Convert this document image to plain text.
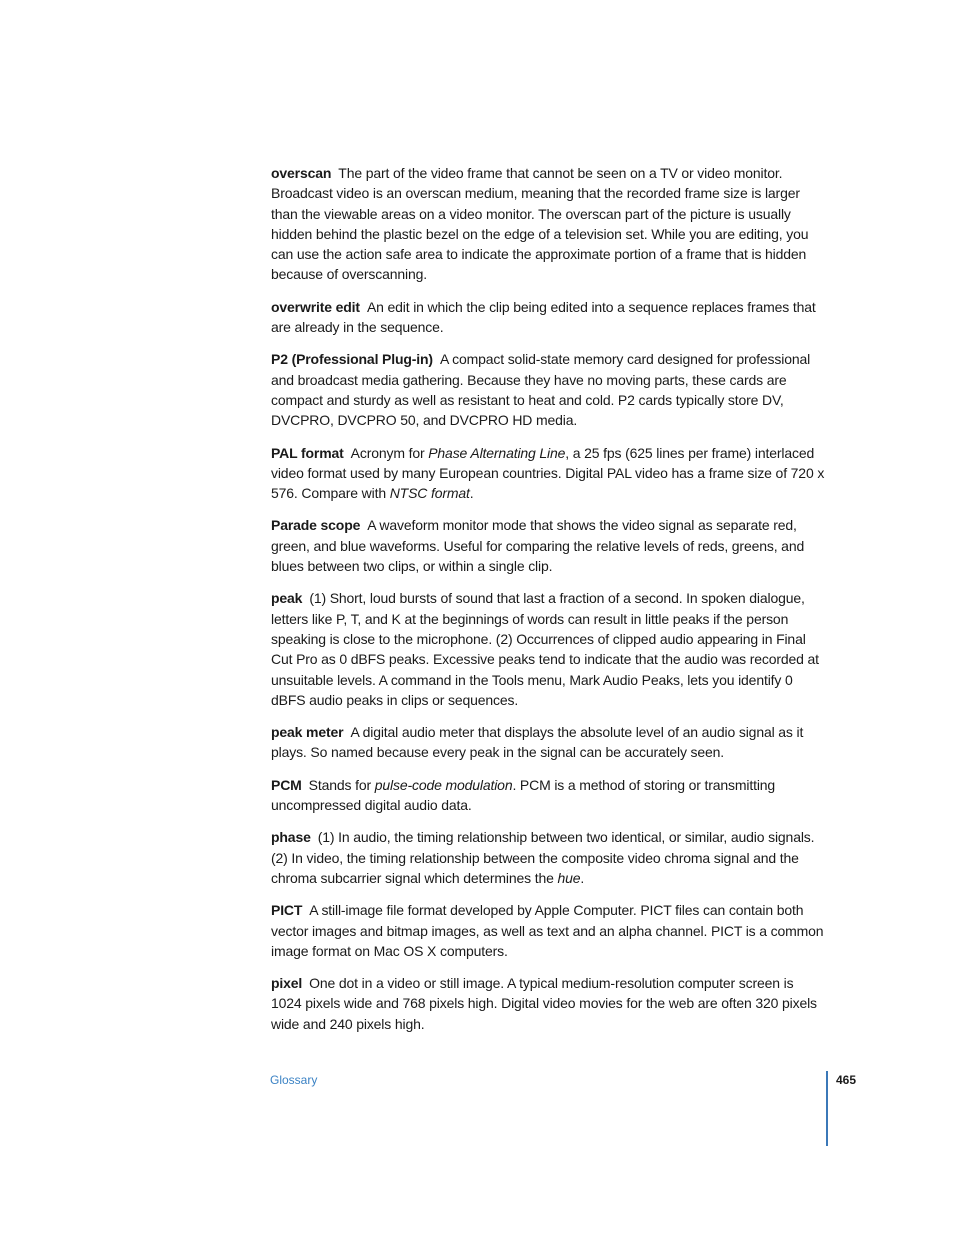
overscan The part of the video frame that cannot be seen on a TV or video monitor. Broadcast video is an overscan medium, meaning that the recorded frame size is larger than the viewable areas on a video monitor. The overscan part of the picture is usually hidden behind the plastic bezel on the edge of a television set. While you are editing, you can use the action safe area to indicate the approximate portion of a frame that is hidden because of overscanning.

overwrite edit An edit in which the clip being edited into a sequence replaces frames that are already in the sequence.

P2 (Professional Plug-in) A compact solid-state memory card designed for professional and broadcast media gathering. Because they have no moving parts, these cards are compact and sturdy as well as resistant to heat and cold. P2 cards typically store DV, DVCPRO, DVCPRO 50, and DVCPRO HD media.

PAL format Acronym for Phase Alternating Line, a 25 fps (625 lines per frame) interlaced video format used by many European countries. Digital PAL video has a frame size of 720 x 576. Compare with NTSC format.

Parade scope A waveform monitor mode that shows the video signal as separate red, green, and blue waveforms. Useful for comparing the relative levels of reds, greens, and blues between two clips, or within a single clip.

peak (1) Short, loud bursts of sound that last a fraction of a second. In spoken dialogue, letters like P, T, and K at the beginnings of words can result in little peaks if the person speaking is close to the microphone. (2) Occurrences of clipped audio appearing in Final Cut Pro as 0 dBFS peaks. Excessive peaks tend to indicate that the audio was recorded at unsuitable levels. A command in the Tools menu, Mark Audio Peaks, lets you identify 0 dBFS audio peaks in clips or sequences.

peak meter A digital audio meter that displays the absolute level of an audio signal as it plays. So named because every peak in the signal can be accurately seen.

PCM Stands for pulse-code modulation. PCM is a method of storing or transmitting uncompressed digital audio data.

phase (1) In audio, the timing relationship between two identical, or similar, audio signals. (2) In video, the timing relationship between the composite video chroma signal and the chroma subcarrier signal which determines the hue.

PICT A still-image file format developed by Apple Computer. PICT files can contain both vector images and bitmap images, as well as text and an alpha channel. PICT is a common image format on Mac OS X computers.

pixel One dot in a video or still image. A typical medium-resolution computer screen is 1024 pixels wide and 768 pixels high. Digital video movies for the web are often 320 pixels wide and 240 pixels high.

Glossary	465
